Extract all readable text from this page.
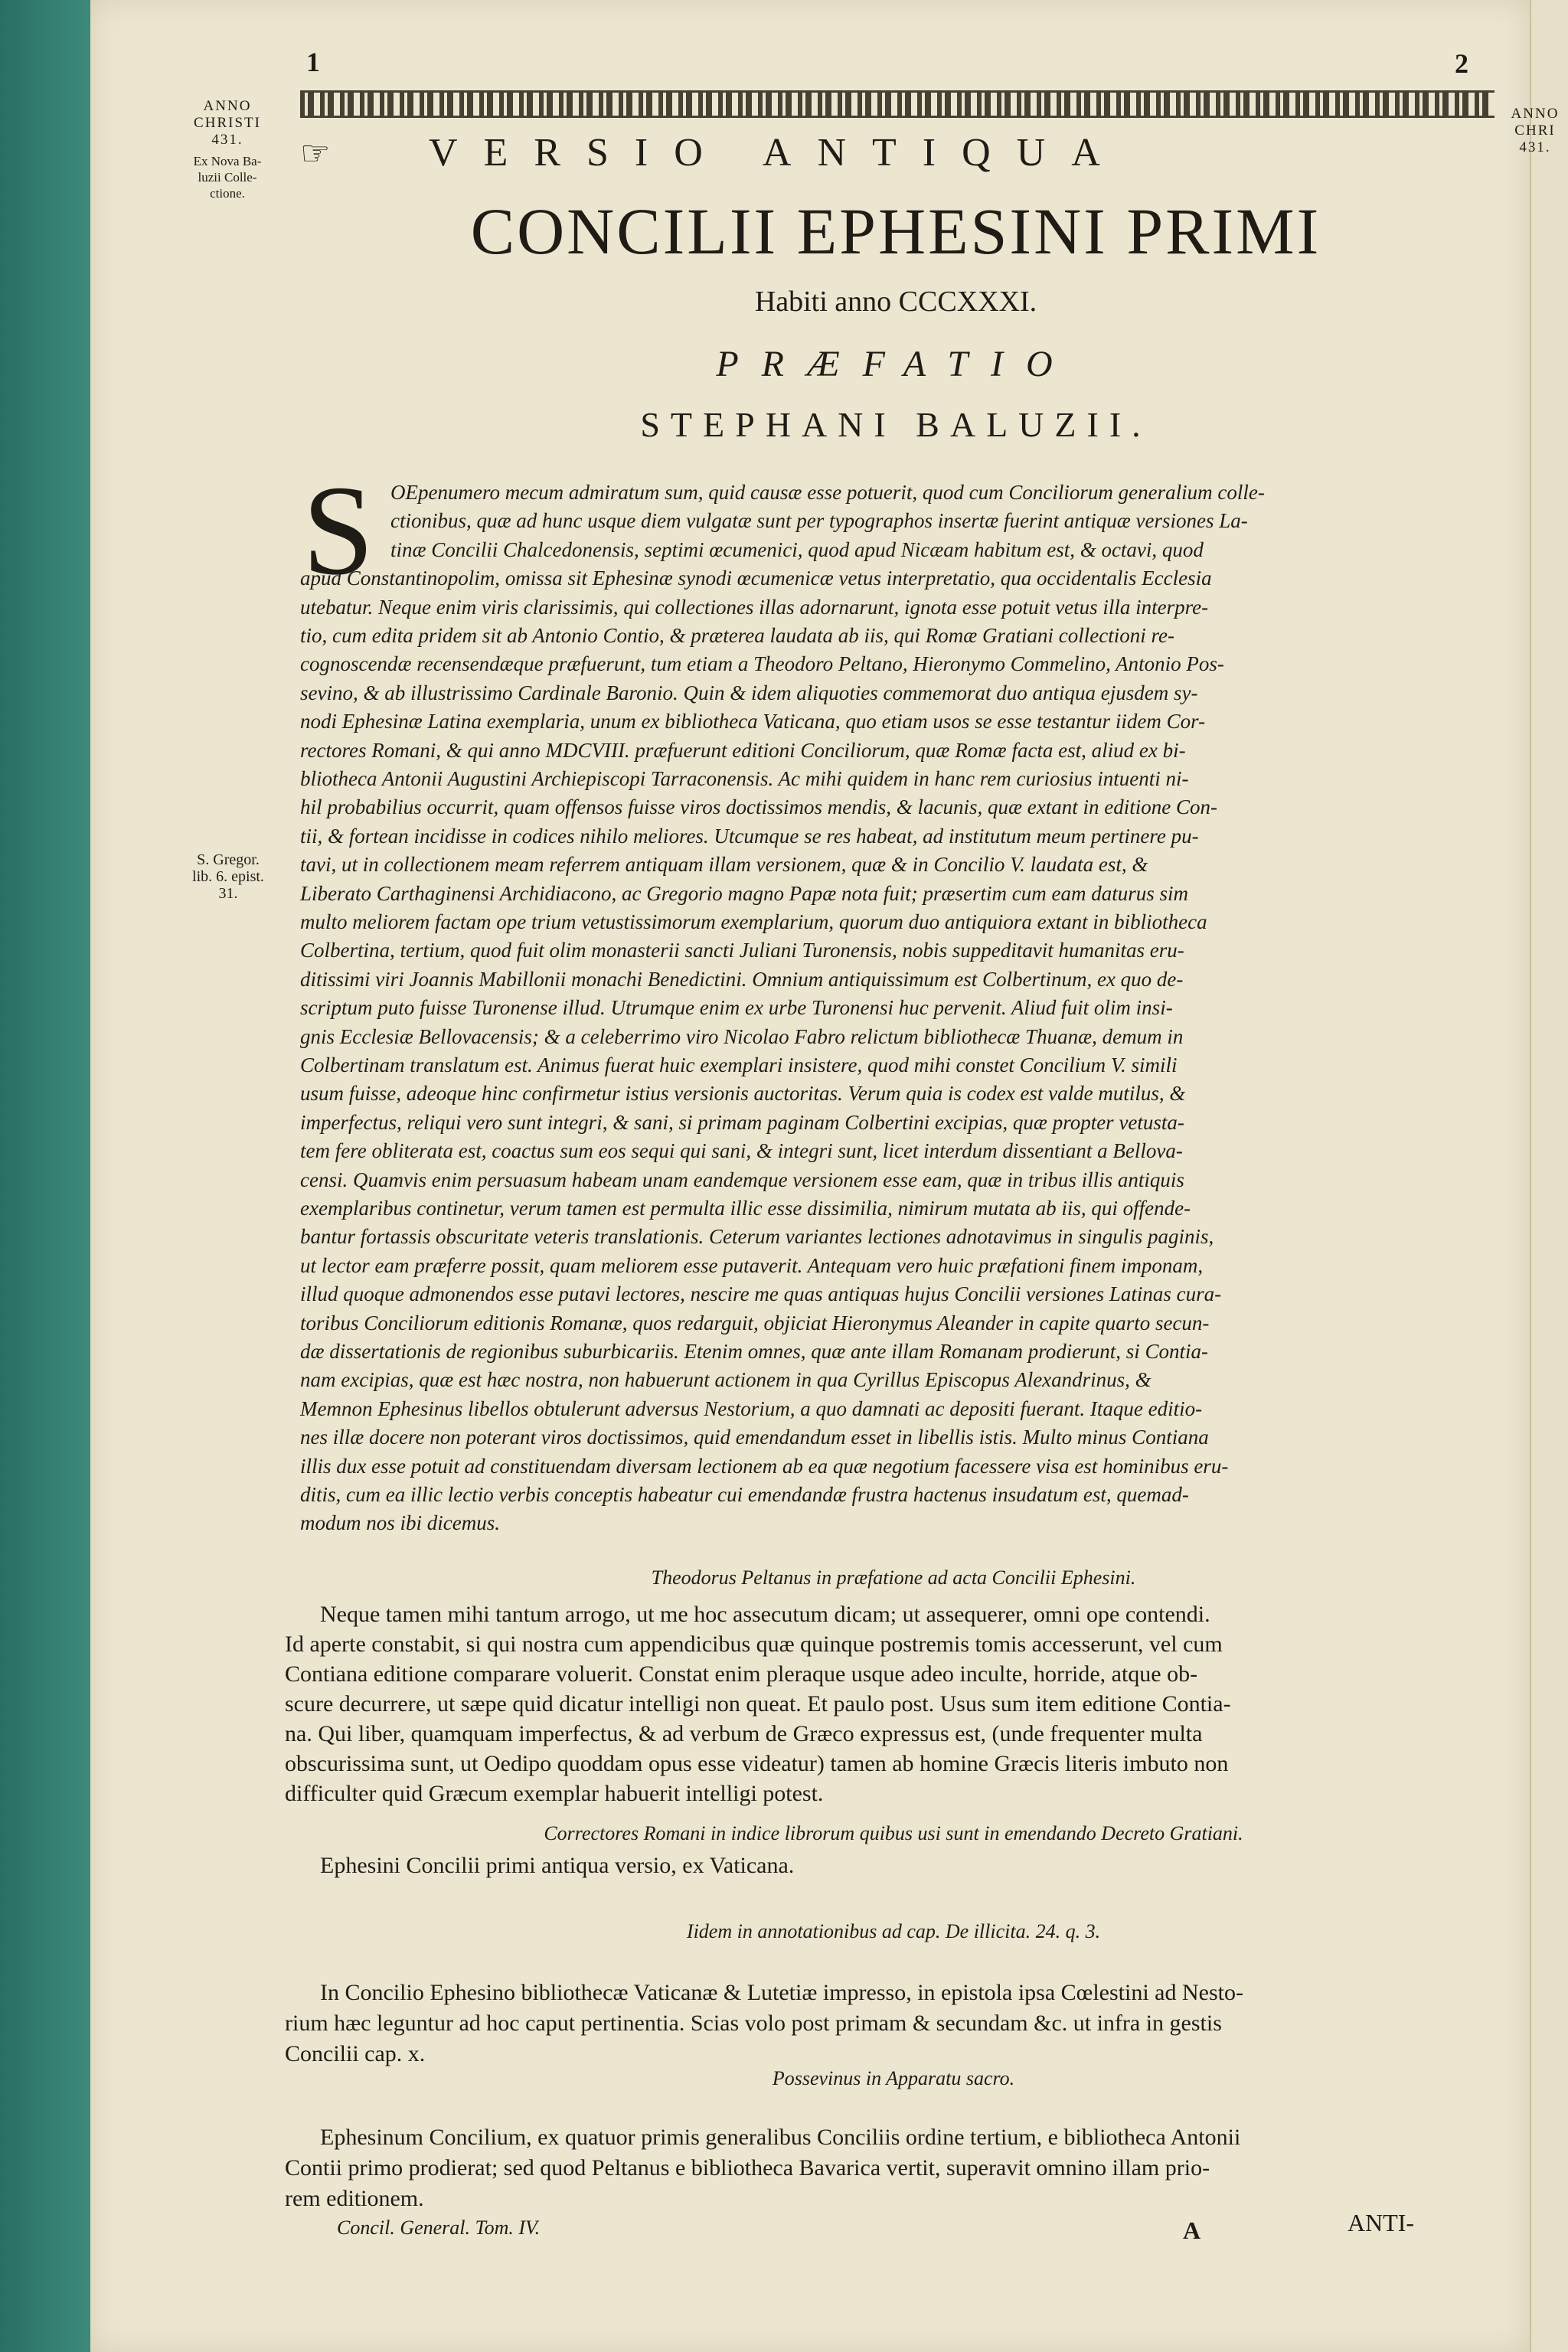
1	2
ANNO
CHRISTI
431.
Ex Nova Ba-
luzii Colle-
ctione.
ANNO
CHRI
431.
☞ VERSIO ANTIQUA
CONCILII EPHESINI PRIMI
Habiti anno CCCXXXI.
PRÆFATIO
STEPHANI BALUZII.
S OEpenumero mecum admiratum sum, quid causæ esse potuerit, quod cum Conciliorum generalium colle-
ctionibus, quæ ad hunc usque diem vulgatæ sunt per typographos insertæ fuerint antiquæ versiones La-
tinæ Concilii Chalcedonensis, septimi œcumenici, quod apud Nicæam habitum est, & octavi, quod
apud Constantinopolim, omissa sit Ephesinæ synodi œcumenicæ vetus interpretatio, qua occidentalis Ecclesia
utebatur. Neque enim viris clarissimis, qui collectiones illas adornarunt, ignota esse potuit vetus illa interpre-
tio, cum edita pridem sit ab Antonio Contio, & præterea laudata ab iis, qui Romæ Gratiani collectioni re-
cognoscendæ recensendæque præfuerunt, tum etiam a Theodoro Peltano, Hieronymo Commelino, Antonio Pos-
sevino, & ab illustrissimo Cardinale Baronio. Quin & idem aliquoties commemorat duo antiqua ejusdem sy-
nodi Ephesinæ Latina exemplaria, unum ex bibliotheca Vaticana, quo etiam usos se esse testantur iidem Cor-
rectores Romani, & qui anno MDCVIII. præfuerunt editioni Conciliorum, quæ Romæ facta est, aliud ex bi-
bliotheca Antonii Augustini Archiepiscopi Tarraconensis. Ac mihi quidem in hanc rem curiosius intuenti ni-
hil probabilius occurrit, quam offensos fuisse viros doctissimos mendis, & lacunis, quæ extant in editione Con-
tii, & fortean incidisse in codices nihilo meliores. Utcumque se res habeat, ad institutum meum pertinere pu-
tavi, ut in collectionem meam referrem antiquam illam versionem, quæ & in Concilio V. laudata est, &
Liberato Carthaginensi Archidiacono, ac Gregorio magno Papæ nota fuit; præsertim cum eam daturus sim
multo meliorem factam ope trium vetustissimorum exemplarium, quorum duo antiquiora extant in bibliotheca
Colbertina, tertium, quod fuit olim monasterii sancti Juliani Turonensis, nobis suppeditavit humanitas eru-
ditissimi viri Joannis Mabillonii monachi Benedictini. Omnium antiquissimum est Colbertinum, ex quo de-
scriptum puto fuisse Turonense illud. Utrumque enim ex urbe Turonensi huc pervenit. Aliud fuit olim insi-
gnis Ecclesiæ Bellovacensis; & a celeberrimo viro Nicolao Fabro relictum bibliothecæ Thuanæ, demum in
Colbertinam translatum est. Animus fuerat huic exemplari insistere, quod mihi constet Concilium V. simili
usum fuisse, adeoque hinc confirmetur istius versionis auctoritas. Verum quia is codex est valde mutilus, &
imperfectus, reliqui vero sunt integri, & sani, si primam paginam Colbertini excipias, quæ propter vetusta-
tem fere obliterata est, coactus sum eos sequi qui sani, & integri sunt, licet interdum dissentiant a Bellova-
censi. Quamvis enim persuasum habeam unam eandemque versionem esse eam, quæ in tribus illis antiquis
exemplaribus continetur, verum tamen est permulta illic esse dissimilia, nimirum mutata ab iis, qui offende-
bantur fortassis obscuritate veteris translationis. Ceterum variantes lectiones adnotavimus in singulis paginis,
ut lector eam præferre possit, quam meliorem esse putaverit. Antequam vero huic præfationi finem imponam,
illud quoque admonendos esse putavi lectores, nescire me quas antiquas hujus Concilii versiones Latinas cura-
toribus Conciliorum editionis Romanæ, quos redarguit, objiciat Hieronymus Aleander in capite quarto secun-
dæ dissertationis de regionibus suburbicariis. Etenim omnes, quæ ante illam Romanam prodierunt, si Contia-
nam excipias, quæ est hæc nostra, non habuerunt actionem in qua Cyrillus Episcopus Alexandrinus, &
Memnon Ephesinus libellos obtulerunt adversus Nestorium, a quo damnati ac depositi fuerant. Itaque editio-
nes illæ docere non poterant viros doctissimos, quid emendandum esset in libellis istis. Multo minus Contiana
illis dux esse potuit ad constituendam diversam lectionem ab ea quæ negotium facessere visa est hominibus eru-
ditis, cum ea illic lectio verbis conceptis habeatur cui emendandæ frustra hactenus insudatum est, quemad-
modum nos ibi dicemus.
S. Gregor.
lib. 6. epist.
31.
Theodorus Peltanus in præfatione ad acta Concilii Ephesini.
Neque tamen mihi tantum arrogo, ut me hoc assecutum dicam; ut assequerer, omni ope contendi.
Id aperte constabit, si qui nostra cum appendicibus quæ quinque postremis tomis accesserunt, vel cum
Contiana editione comparare voluerit. Constat enim pleraque usque adeo inculte, horride, atque ob-
scure decurrere, ut sæpe quid dicatur intelligi non queat. Et paulo post. Usus sum item editione Contia-
na. Qui liber, quamquam imperfectus, & ad verbum de Græco expressus est, (unde frequenter multa
obscurissima sunt, ut Oedipo quoddam opus esse videatur) tamen ab homine Græcis literis imbuto non
difficulter quid Græcum exemplar habuerit intelligi potest.
Correctores Romani in indice librorum quibus usi sunt in emendando Decreto Gratiani.
Ephesini Concilii primi antiqua versio, ex Vaticana.
Iidem in annotationibus ad cap. De illicita. 24. q. 3.
In Concilio Ephesino bibliothecæ Vaticanæ & Lutetiæ impresso, in epistola ipsa Cœlestini ad Nesto-
rium hæc leguntur ad hoc caput pertinentia. Scias volo post primam & secundam &c. ut infra in gestis
Concilii cap. x.
Possevinus in Apparatu sacro.
Ephesinum Concilium, ex quatuor primis generalibus Conciliis ordine tertium, e bibliotheca Antonii
Contii primo prodierat; sed quod Peltanus e bibliotheca Bavarica vertit, superavit omnino illam prio-
rem editionem.
Concil. General. Tom. IV.	A	ANTI-
